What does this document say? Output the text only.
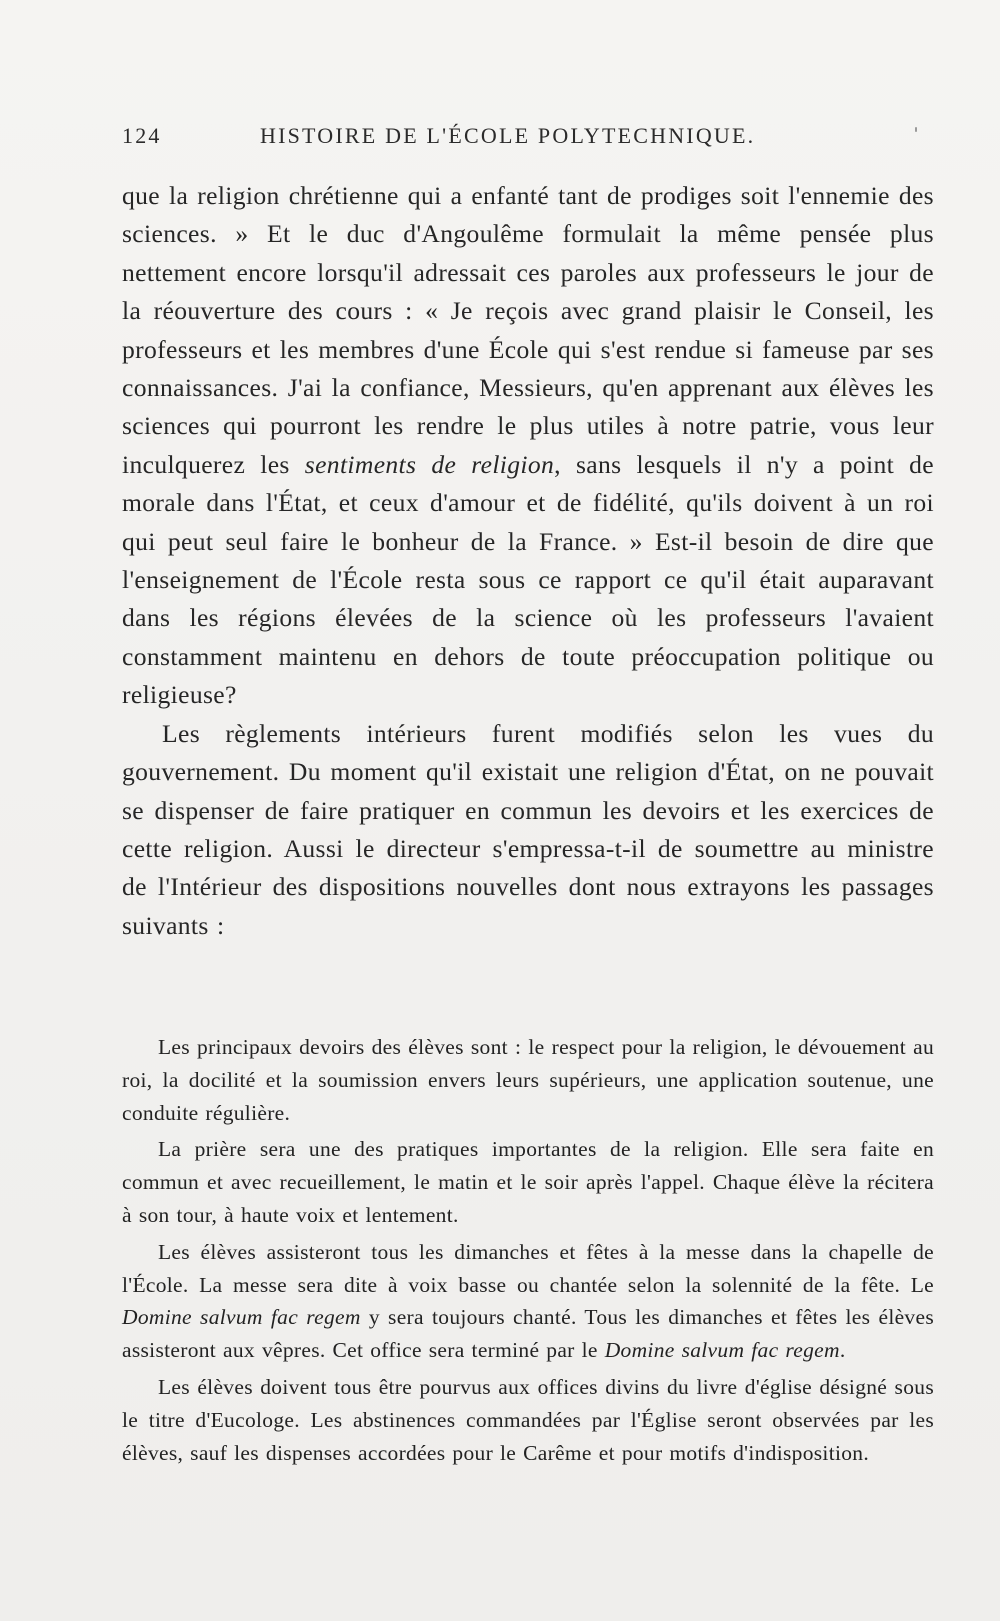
124	HISTOIRE DE L'ÉCOLE POLYTECHNIQUE.

que la religion chrétienne qui a enfanté tant de prodiges soit l'ennemie des sciences. » Et le duc d'Angoulême formulait la même pensée plus nettement encore lorsqu'il adressait ces paroles aux professeurs le jour de la réouverture des cours : « Je reçois avec grand plaisir le Conseil, les professeurs et les membres d'une École qui s'est rendue si fameuse par ses connaissances. J'ai la confiance, Messieurs, qu'en apprenant aux élèves les sciences qui pourront les rendre le plus utiles à notre patrie, vous leur inculquerez les sentiments de religion, sans lesquels il n'y a point de morale dans l'État, et ceux d'amour et de fidélité, qu'ils doivent à un roi qui peut seul faire le bonheur de la France. » Est-il besoin de dire que l'enseignement de l'École resta sous ce rapport ce qu'il était auparavant dans les régions élevées de la science où les professeurs l'avaient constamment maintenu en dehors de toute préoccupation politique ou religieuse?

Les règlements intérieurs furent modifiés selon les vues du gouvernement. Du moment qu'il existait une religion d'État, on ne pouvait se dispenser de faire pratiquer en commun les devoirs et les exercices de cette religion. Aussi le directeur s'empressa-t-il de soumettre au ministre de l'Intérieur des dispositions nouvelles dont nous extrayons les passages suivants :

Les principaux devoirs des élèves sont : le respect pour la religion, le dévouement au roi, la docilité et la soumission envers leurs supérieurs, une application soutenue, une conduite régulière.

La prière sera une des pratiques importantes de la religion. Elle sera faite en commun et avec recueillement, le matin et le soir après l'appel. Chaque élève la récitera à son tour, à haute voix et lentement.

Les élèves assisteront tous les dimanches et fêtes à la messe dans la chapelle de l'École. La messe sera dite à voix basse ou chantée selon la solennité de la fête. Le Domine salvum fac regem y sera toujours chanté. Tous les dimanches et fêtes les élèves assisteront aux vêpres. Cet office sera terminé par le Domine salvum fac regem.

Les élèves doivent tous être pourvus aux offices divins du livre d'église désigné sous le titre d'Eucologe. Les abstinences commandées par l'Église seront observées par les élèves, sauf les dispenses accordées pour le Carême et pour motifs d'indisposition.
